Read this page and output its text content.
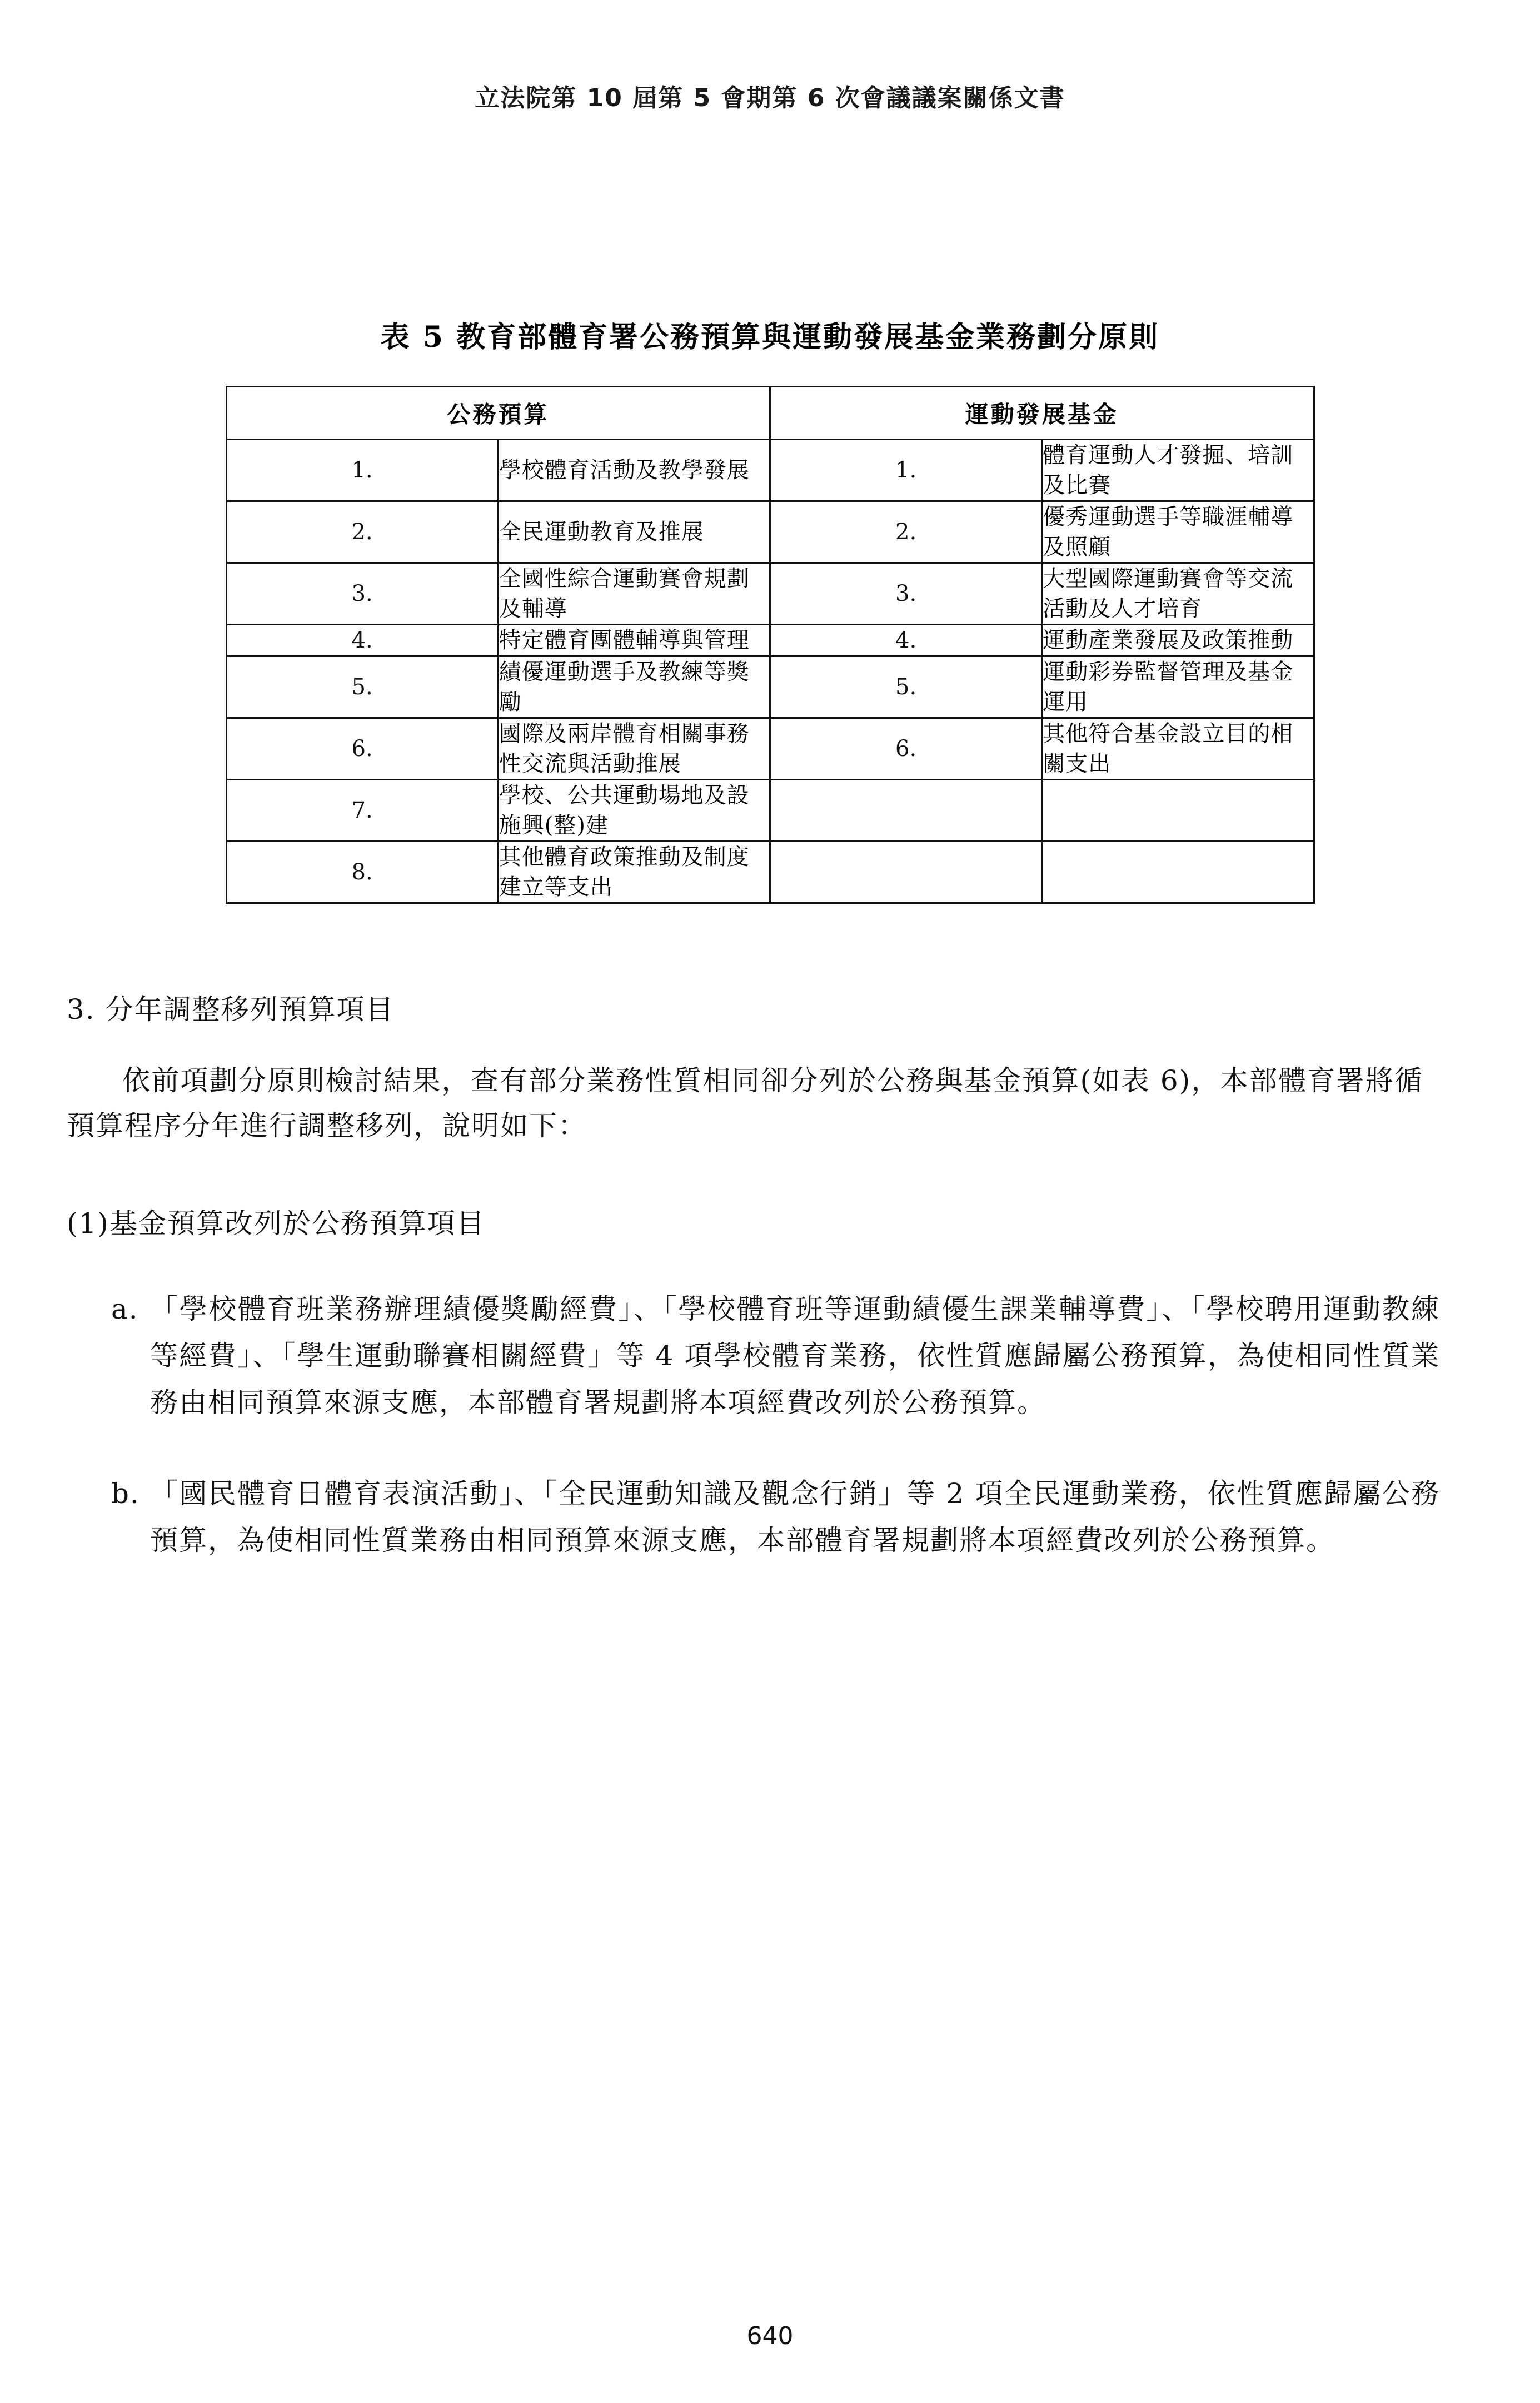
立法院第 10 屆第 5 會期第 6 次會議議案關係文書
表 5 教育部體育署公務預算與運動發展基金業務劃分原則
公務預算		運動發展基金	
1.	學校體育活動及教學發展	1.	體育運動人才發掘、培訓及比賽
2.	全民運動教育及推展	2.	優秀運動選手等職涯輔導及照顧
3.	全國性綜合運動賽會規劃及輔導	3.	大型國際運動賽會等交流活動及人才培育
4.	特定體育團體輔導與管理	4.	運動產業發展及政策推動
5.	績優運動選手及教練等獎勵	5.	運動彩券監督管理及基金運用
6.	國際及兩岸體育相關事務性交流與活動推展	6.	其他符合基金設立目的相關支出
7.	學校、公共運動場地及設施興(整)建		
8.	其他體育政策推動及制度建立等支出		
3. 分年調整移列預算項目
依前項劃分原則檢討結果，查有部分業務性質相同卻分列於公務與基金預算(如表 6)，本部體育署將循預算程序分年進行調整移列，說明如下：
(1)基金預算改列於公務預算項目
a. 「學校體育班業務辦理績優獎勵經費」、「學校體育班等運動績優生課業輔導費」、「學校聘用運動教練等經費」、「學生運動聯賽相關經費」等 4 項學校體育業務，依性質應歸屬公務預算，為使相同性質業務由相同預算來源支應，本部體育署規劃將本項經費改列於公務預算。
b. 「國民體育日體育表演活動」、「全民運動知識及觀念行銷」等 2 項全民運動業務，依性質應歸屬公務預算，為使相同性質業務由相同預算來源支應，本部體育署規劃將本項經費改列於公務預算。
640
